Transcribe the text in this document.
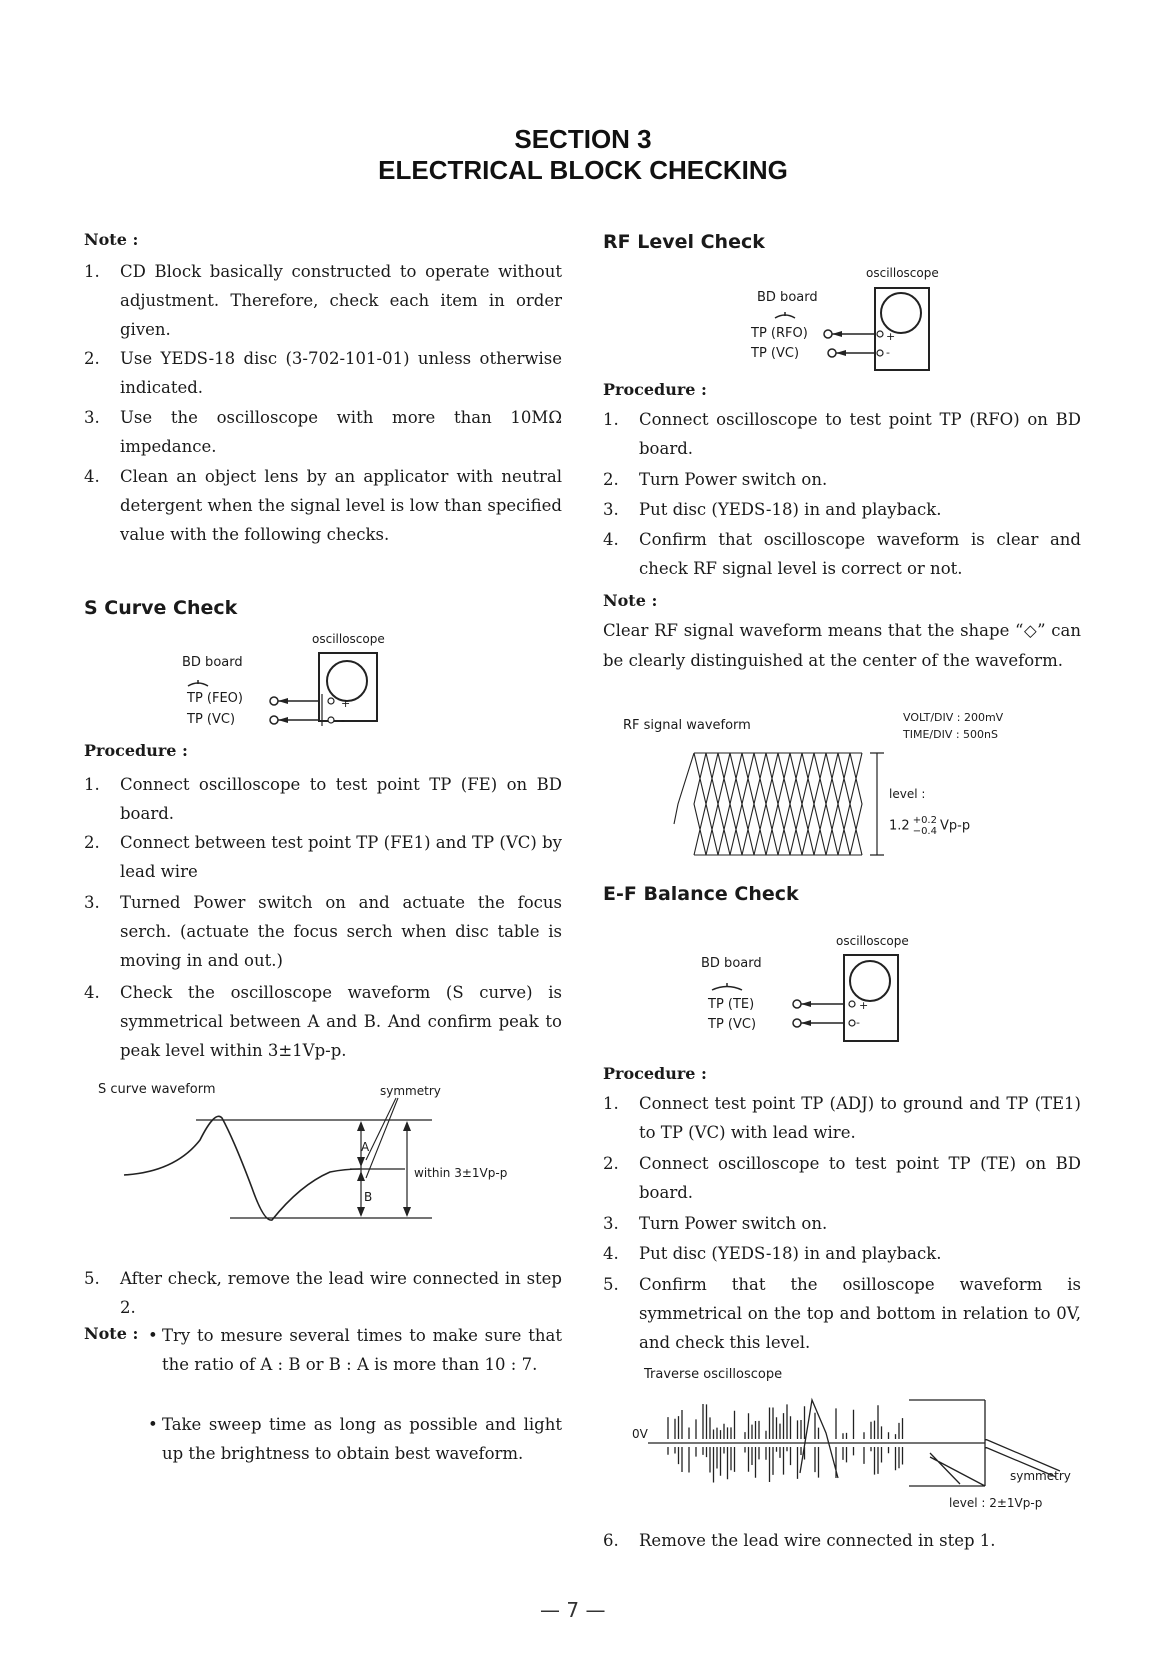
SECTION 3
ELECTRICAL BLOCK CHECKING
Note :
1. CD Block basically constructed to operate without adjustment. Therefore, check each item in order given.
2. Use YEDS-18 disc (3-702-101-01) unless otherwise indicated.
3. Use the oscilloscope with more than 10MΩ impedance.
4. Clean an object lens by an applicator with neutral detergent when the signal level is low than specified value with the following checks.
S Curve Check
oscilloscope
BD board
TP (FEO)
TP (VC)
+
-
Procedure :
1. Connect oscilloscope to test point TP (FE) on BD board.
2. Connect between test point TP (FE1) and TP (VC) by lead wire
3. Turned Power switch on and actuate the focus serch. (actuate the focus serch when disc table is moving in and out.)
4. Check the oscilloscope waveform (S curve) is symmetrical between A and B. And confirm peak to peak level within 3±1Vp-p.
S curve waveform	symmetry
A
B
within 3±1Vp-p
5. After check, remove the lead wire connected in step 2.
Note : • Try to mesure several times to make sure that the ratio of A : B or B : A is more than 10 : 7.
• Take sweep time as long as possible and light up the brightness to obtain best waveform.
RF Level Check
oscilloscope
BD board
TP (RFO)
TP (VC)
+
-
Procedure :
1. Connect oscilloscope to test point TP (RFO) on BD board.
2. Turn Power switch on.
3. Put disc (YEDS-18) in and playback.
4. Confirm that oscilloscope waveform is clear and check RF signal level is correct or not.
Note :
Clear RF signal waveform means that the shape “◇” can be clearly distinguished at the center of the waveform.
RF signal waveform
VOLT/DIV : 200mV
TIME/DIV : 500nS
level :
1.2 +0.2
−0.4 Vp-p
E-F Balance Check
oscilloscope
BD board
TP (TE)
TP (VC)
+
-
Procedure :
1. Connect test point TP (ADJ) to ground and TP (TE1) to TP (VC) with lead wire.
2. Connect oscilloscope to test point TP (TE) on BD board.
3. Turn Power switch on.
4. Put disc (YEDS-18) in and playback.
5. Confirm that the osilloscope waveform is symmetrical on the top and bottom in relation to 0V, and check this level.
Traverse oscilloscope
0V
symmetry
level : 2±1Vp-p
6. Remove the lead wire connected in step 1.
— 7 —
